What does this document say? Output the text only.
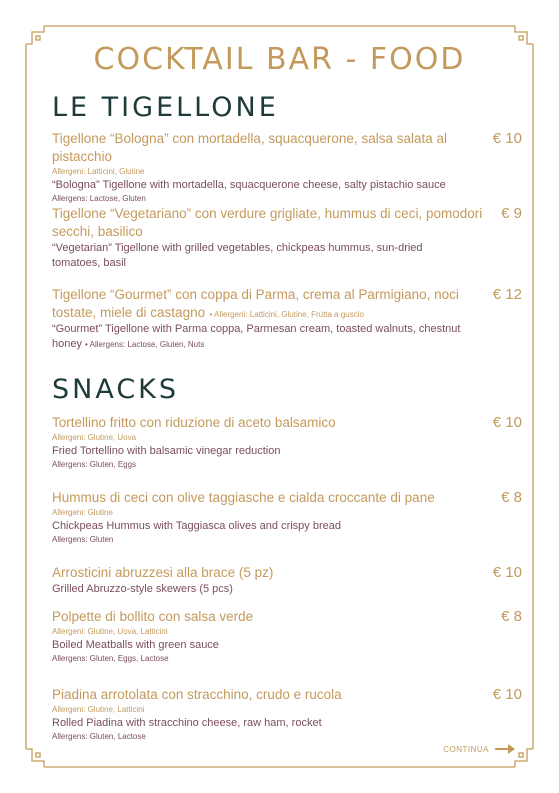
COCKTAIL BAR - FOOD
LE TIGELLONE
Tigellone “Bologna” con mortadella, squacquerone, salsa salata al pistacchio
€ 10
Allergeni: Latticini, Glutine
“Bologna” Tigellone with mortadella, squacquerone cheese, salty pistachio sauce
Allergens: Lactose, Gluten
Tigellone “Vegetariano” con verdure grigliate, hummus di ceci, pomodori secchi, basilico
€ 9
“Vegetarian” Tigellone with grilled vegetables, chickpeas hummus, sun-dried tomatoes, basil
Tigellone “Gourmet” con coppa di Parma, crema al Parmigiano, noci tostate, miele di castagno • Allergeni: Latticini, Glutine, Frutta a guscio
€ 12
“Gourmet” Tigellone with Parma coppa, Parmesan cream, toasted walnuts, chestnut honey • Allergens: Lactose, Gluten, Nuts
SNACKS
Tortellino fritto con riduzione di aceto balsamico	€ 10
Allergeni: Glutine, Uova
Fried Tortellino with balsamic vinegar reduction
Allergens: Gluten, Eggs
Hummus di ceci con olive taggiasche e cialda croccante di pane	€ 8
Allergeni: Glutine
Chickpeas Hummus with Taggiasca olives and crispy bread
Allergens: Gluten
Arrosticini abruzzesi alla brace (5 pz)	€ 10
Grilled Abruzzo-style skewers (5 pcs)
Polpette di bollito con salsa verde	€ 8
Allergeni: Glutine, Uova, Latticini
Boiled Meatballs with green sauce
Allergens: Gluten, Eggs, Lactose
Piadina arrotolata con stracchino, crudo e rucola	€ 10
Allergeni: Glutine, Latticini
Rolled Piadina with stracchino cheese, raw ham, rocket
Allergens: Gluten, Lactose
CONTINUA
